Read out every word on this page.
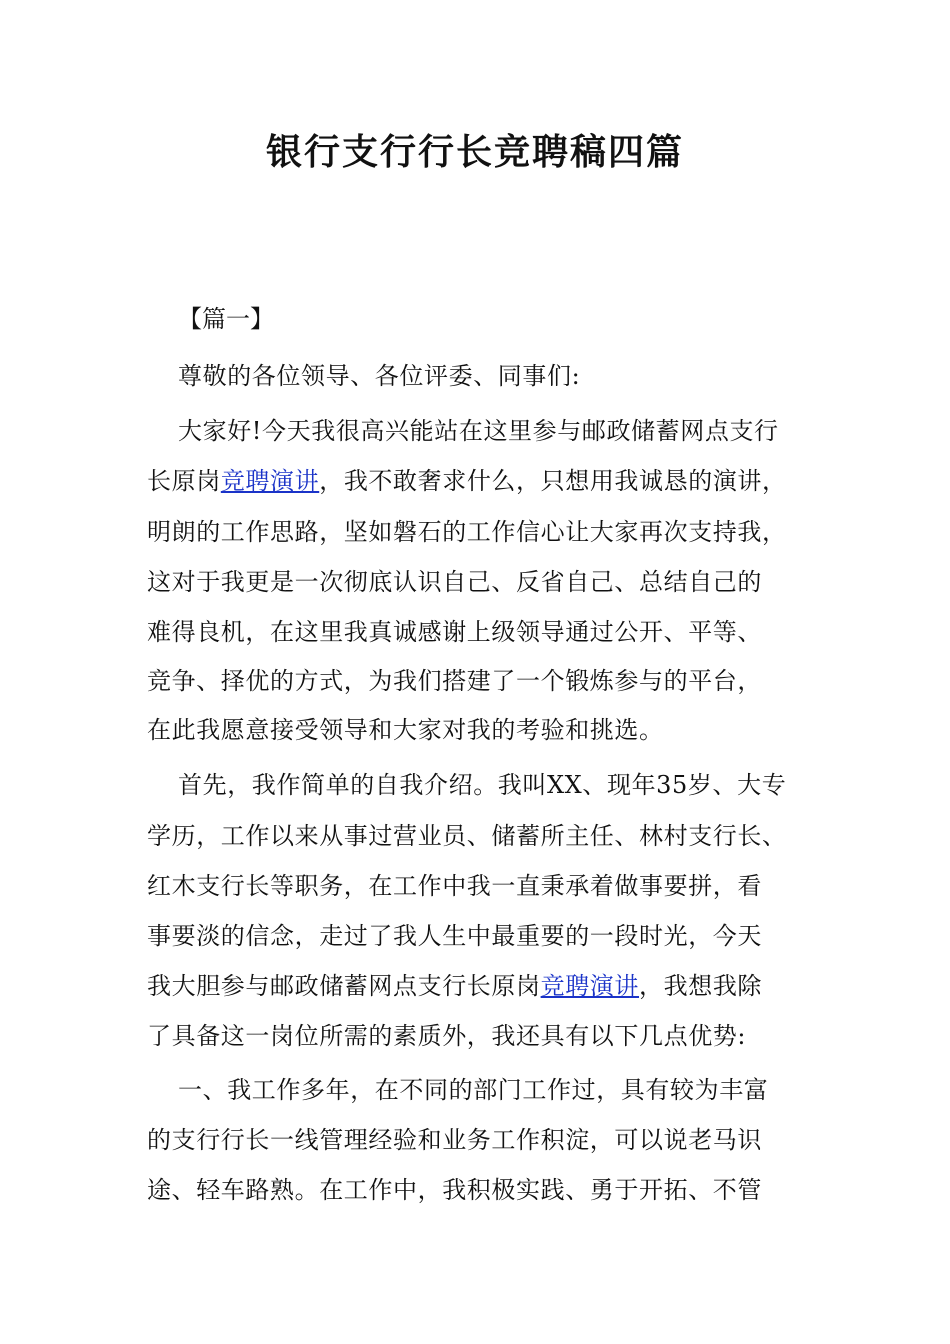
银行支行行长竞聘稿四篇
【篇一】
尊敬的各位领导、各位评委、同事们:
大家好!今天我很高兴能站在这里参与邮政储蓄网点支行
长原岗竞聘演讲，我不敢奢求什么，只想用我诚恳的演讲，
明朗的工作思路，坚如磐石的工作信心让大家再次支持我，
这对于我更是一次彻底认识自己、反省自己、总结自己的
难得良机，在这里我真诚感谢上级领导通过公开、平等、
竞争、择优的方式，为我们搭建了一个锻炼参与的平台，
在此我愿意接受领导和大家对我的考验和挑选。
首先，我作简单的自我介绍。我叫XX、现年35岁、大专
学历，工作以来从事过营业员、储蓄所主任、林村支行长、
红木支行长等职务，在工作中我一直秉承着做事要拼，看
事要淡的信念，走过了我人生中最重要的一段时光，今天
我大胆参与邮政储蓄网点支行长原岗竞聘演讲，我想我除
了具备这一岗位所需的素质外，我还具有以下几点优势:
一、我工作多年，在不同的部门工作过，具有较为丰富
的支行行长一线管理经验和业务工作积淀，可以说老马识
途、轻车路熟。在工作中，我积极实践、勇于开拓、不管
